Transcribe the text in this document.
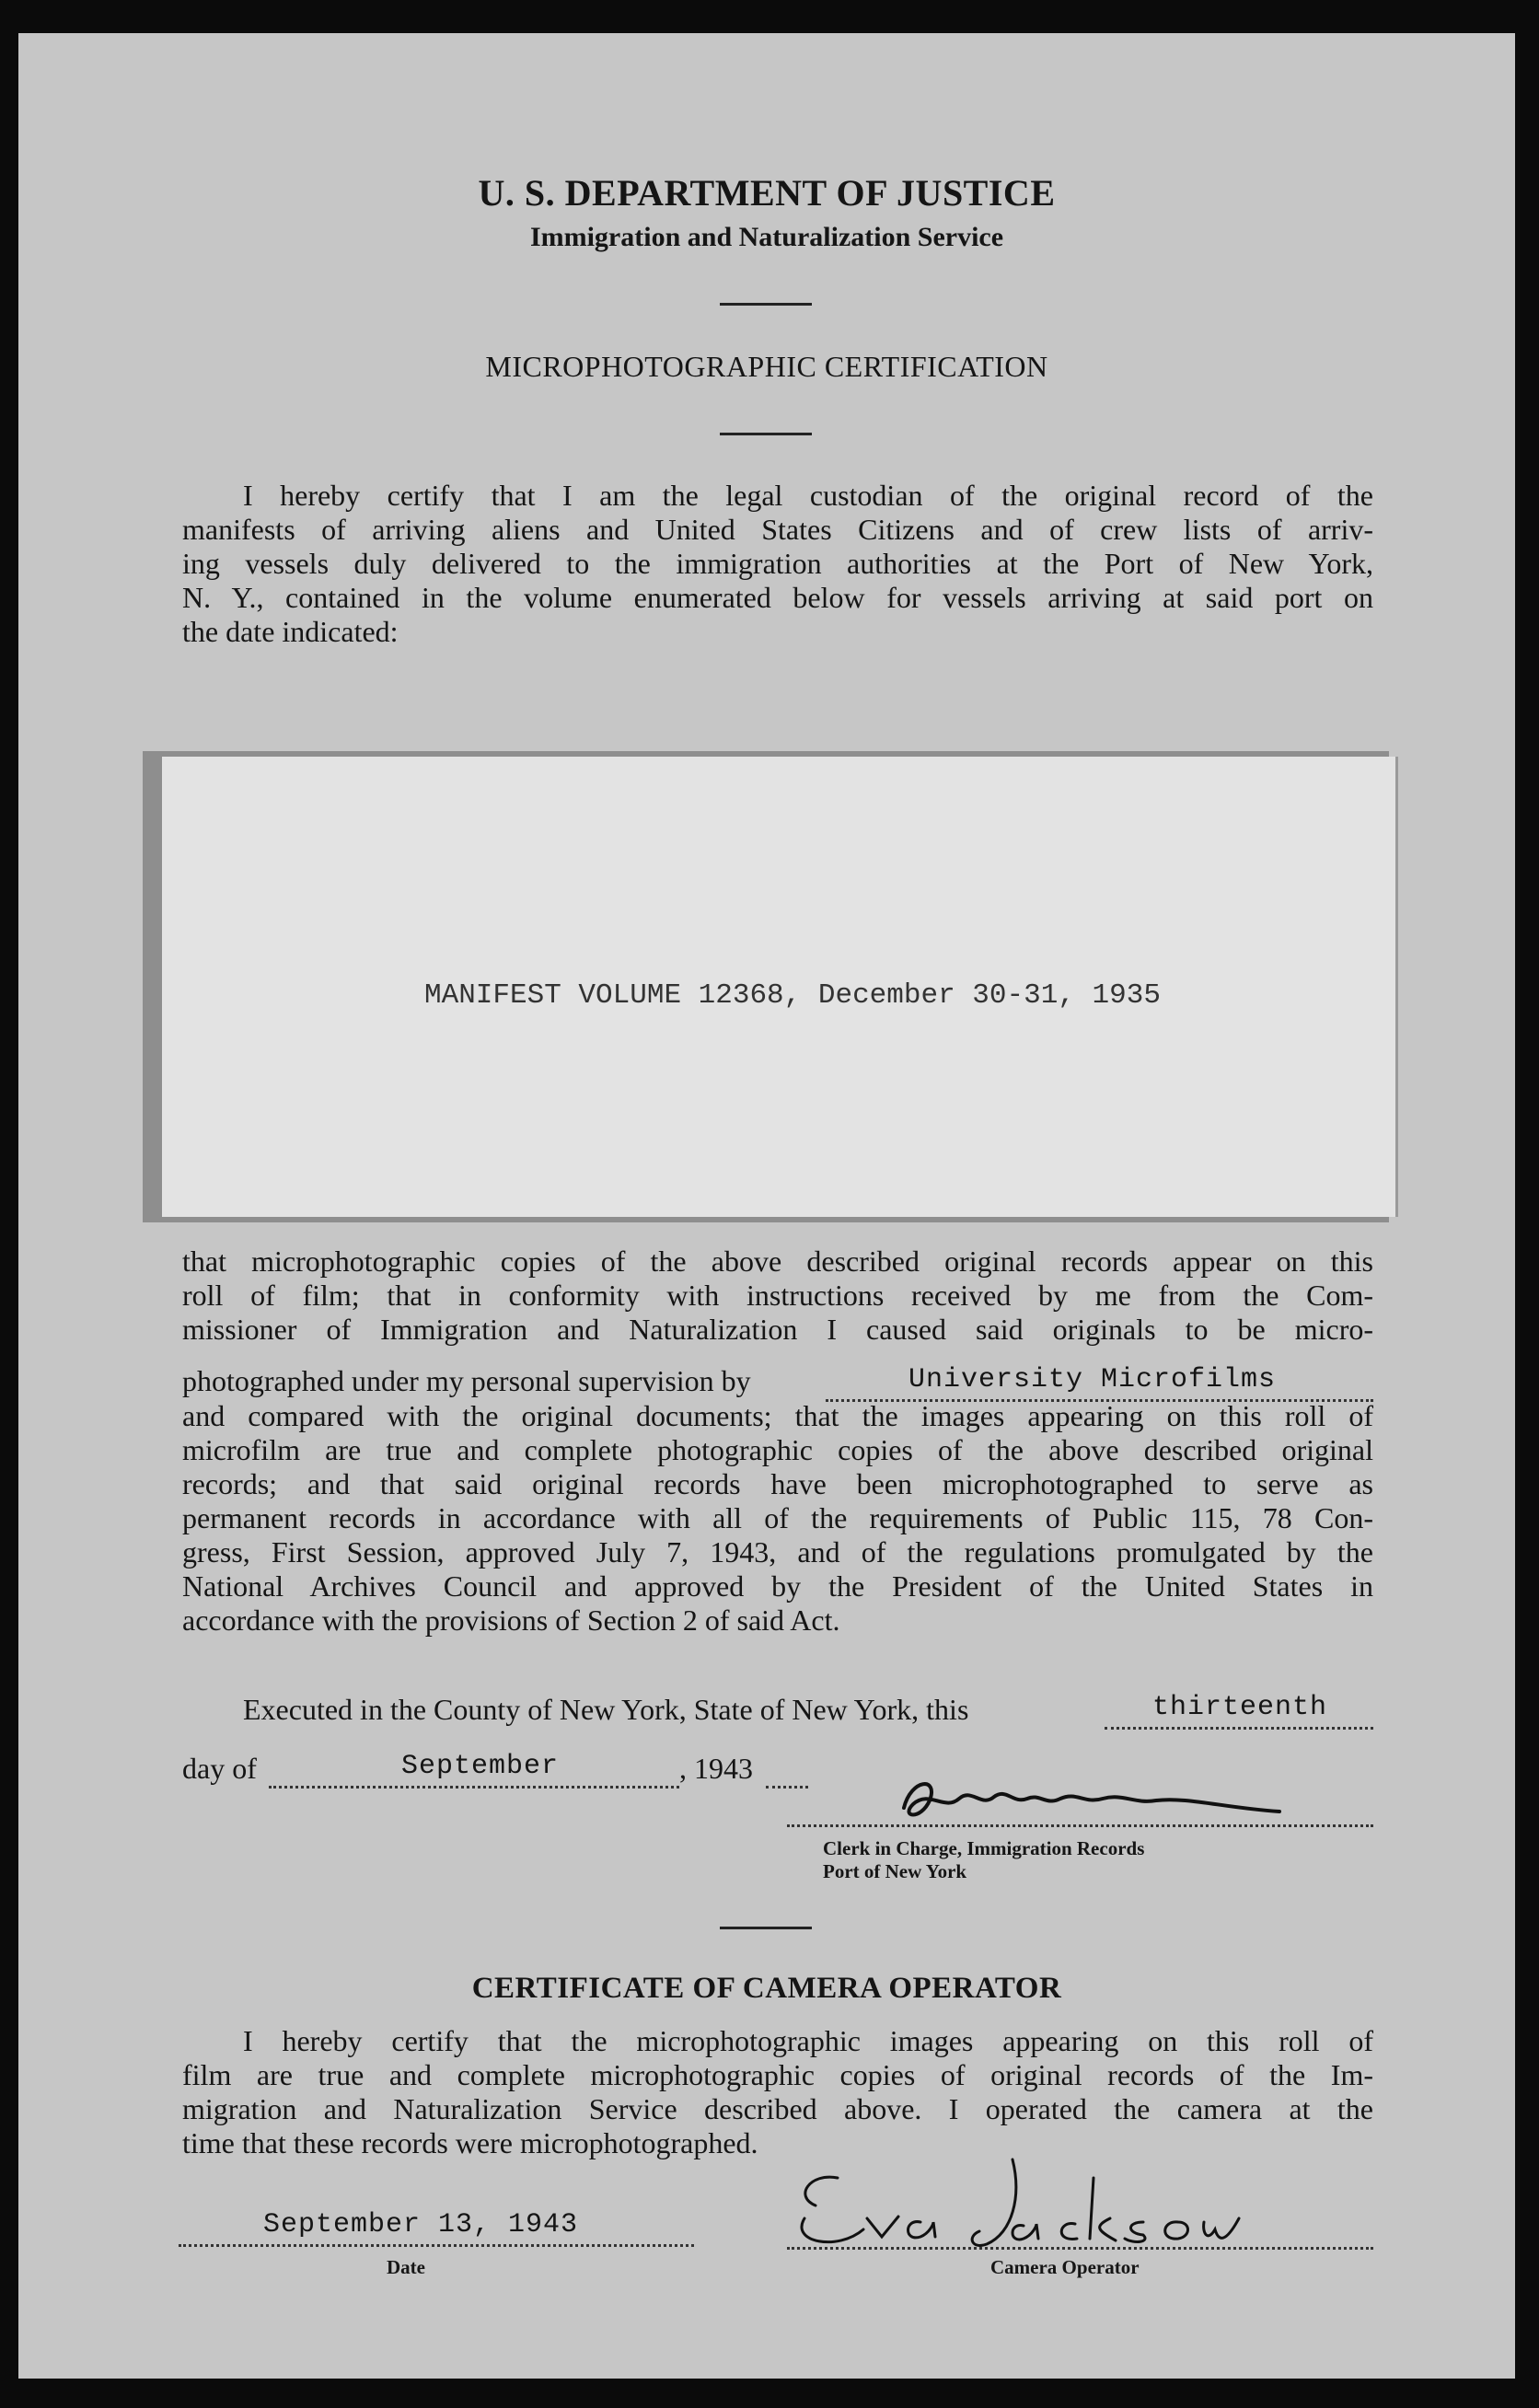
U. S. DEPARTMENT OF JUSTICE
Immigration and Naturalization Service
MICROPHOTOGRAPHIC CERTIFICATION
I hereby certify that I am the legal custodian of the original record of the
manifests of arriving aliens and United States Citizens and of crew lists of arriv-
ing vessels duly delivered to the immigration authorities at the Port of New York,
N. Y., contained in the volume enumerated below for vessels arriving at said port on
the date indicated:
MANIFEST VOLUME 12368, December 30-31, 1935
that microphotographic copies of the above described original records appear on this
roll of film; that in conformity with instructions received by me from the Com-
missioner of Immigration and Naturalization I caused said originals to be micro-
photographed under my personal supervision by	University Microfilms
and compared with the original documents; that the images appearing on this roll of
microfilm are true and complete photographic copies of the above described original
records; and that said original records have been microphotographed to serve as
permanent records in accordance with all of the requirements of Public 115, 78 Con-
gress, First Session, approved July 7, 1943, and of the regulations promulgated by the
National Archives Council and approved by the President of the United States in
accordance with the provisions of Section 2 of said Act.
Executed in the County of New York, State of New York, this	thirteenth
day of	September	, 1943
Clerk in Charge, Immigration Records
Port of New York
CERTIFICATE OF CAMERA OPERATOR
I hereby certify that the microphotographic images appearing on this roll of
film are true and complete microphotographic copies of original records of the Im-
migration and Naturalization Service described above. I operated the camera at the
time that these records were microphotographed.
September 13, 1943
Date	Camera Operator
